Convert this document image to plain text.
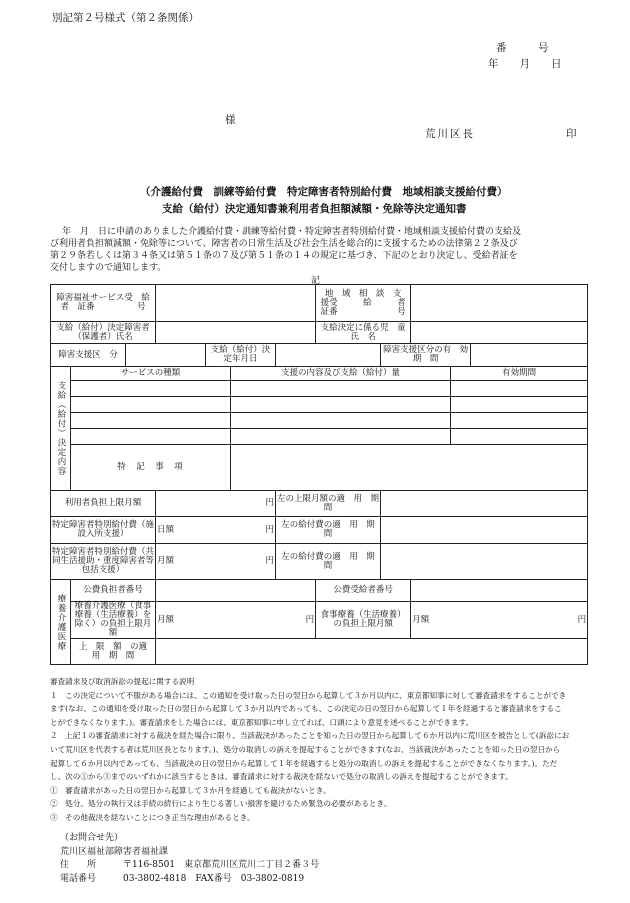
別記第２号様式（第２条関係）
番　　　号
年　　月　　日
様
荒川区長	印
（介護給付費　訓練等給付費　特定障害者特別給付費　地域相談支援給付費）
支給（給付）決定通知書兼利用者負担額減額・免除等決定通知書
年　月　日に申請のありました介護給付費・訓練等給付費・特定障害者特別給付費・地域相談支援給付費の支給及
び利用者負担額減額・免除等について、障害者の日常生活及び社会生活を総合的に支援するための法律第２２条及び
第２９条若しくは第３４条又は第５１条の７及び第５１条の１４の規定に基づき、下記のとおり決定し、受給者証を
交付しますので通知します。
記
障害福祉サービス受　給　者　証番　　　　　号							地　域　相　談　支　援受　　　給　　　者　　　証番　　　　　　　号				

支給（給付）決定障害者（保護者）氏名							支給決定に係る児　童　氏　名				
障害支援区　分				支給（給付）決定年月日				障害支援区分の有　効　期　間			
支給（給付）決定内容	サービスの種類				支援の内容及び支給（給付）量					有効期間	

	特　記　事　項										
利用者負担上限月額			円			左の上限月額の適　用　期　間					
特定障害者特別給付費（施設入所支援）			日額 円			左の給付費の適　用　期　間					
特定障害者特別給付費（共同生活援助・重度障害者等包括支援）			月額 円			左の給付費の適　用　期　間					
療養介護医療	公費負担者番号						公費受給者番号				

	療養介護医療（食事療養（生活療養）を除く）の負担上限月額		月額 円				食事療養（生活療養）の負担上限月額		月額 円		

	上　限　額　の適　用　期　間										

審査請求及び取消訴訟の提起に関する説明

１　この決定について不服がある場合には、この通知を受け取った日の翌日から起算して３か月以内に、東京都知事に対して審査請求をすることができ

ます(なお、この通知を受け取った日の翌日から起算して３か月以内であっても、この決定の日の翌日から起算して１年を経過すると審査請求をするこ

とができなくなります。)。審査請求をした場合には、東京都知事に申し立てれば、口頭により意見を述べることができます。

２　上記１の審査請求に対する裁決を経た場合に限り、当該裁決があったことを知った日の翌日から起算して６か月以内に荒川区を被告として(訴訟にお

いて荒川区を代表する者は荒川区長となります。)、処分の取消しの訴えを提起することができます(なお、当該裁決があったことを知った日の翌日から

起算して６か月以内であっても、当該裁決の日の翌日から起算して１年を経過すると処分の取消しの訴えを提起することができなくなります。)。ただ

し、次の①から③までのいずれかに該当するときは、審査請求に対する裁決を経ないで処分の取消しの訴えを提起することができます。

①　審査請求があった日の翌日から起算して３か月を経過しても裁決がないとき。

②　処分、処分の執行又は手続の続行により生じる著しい損害を避けるため緊急の必要があるとき。

③　その他裁決を経ないことにつき正当な理由があるとき。

（お問合せ先）
荒川区福祉部障害者福祉課
住　　所　　　〒116-8501　東京都荒川区荒川二丁目２番３号
電話番号　　　03-3802-4818　FAX番号　03-3802-0819
